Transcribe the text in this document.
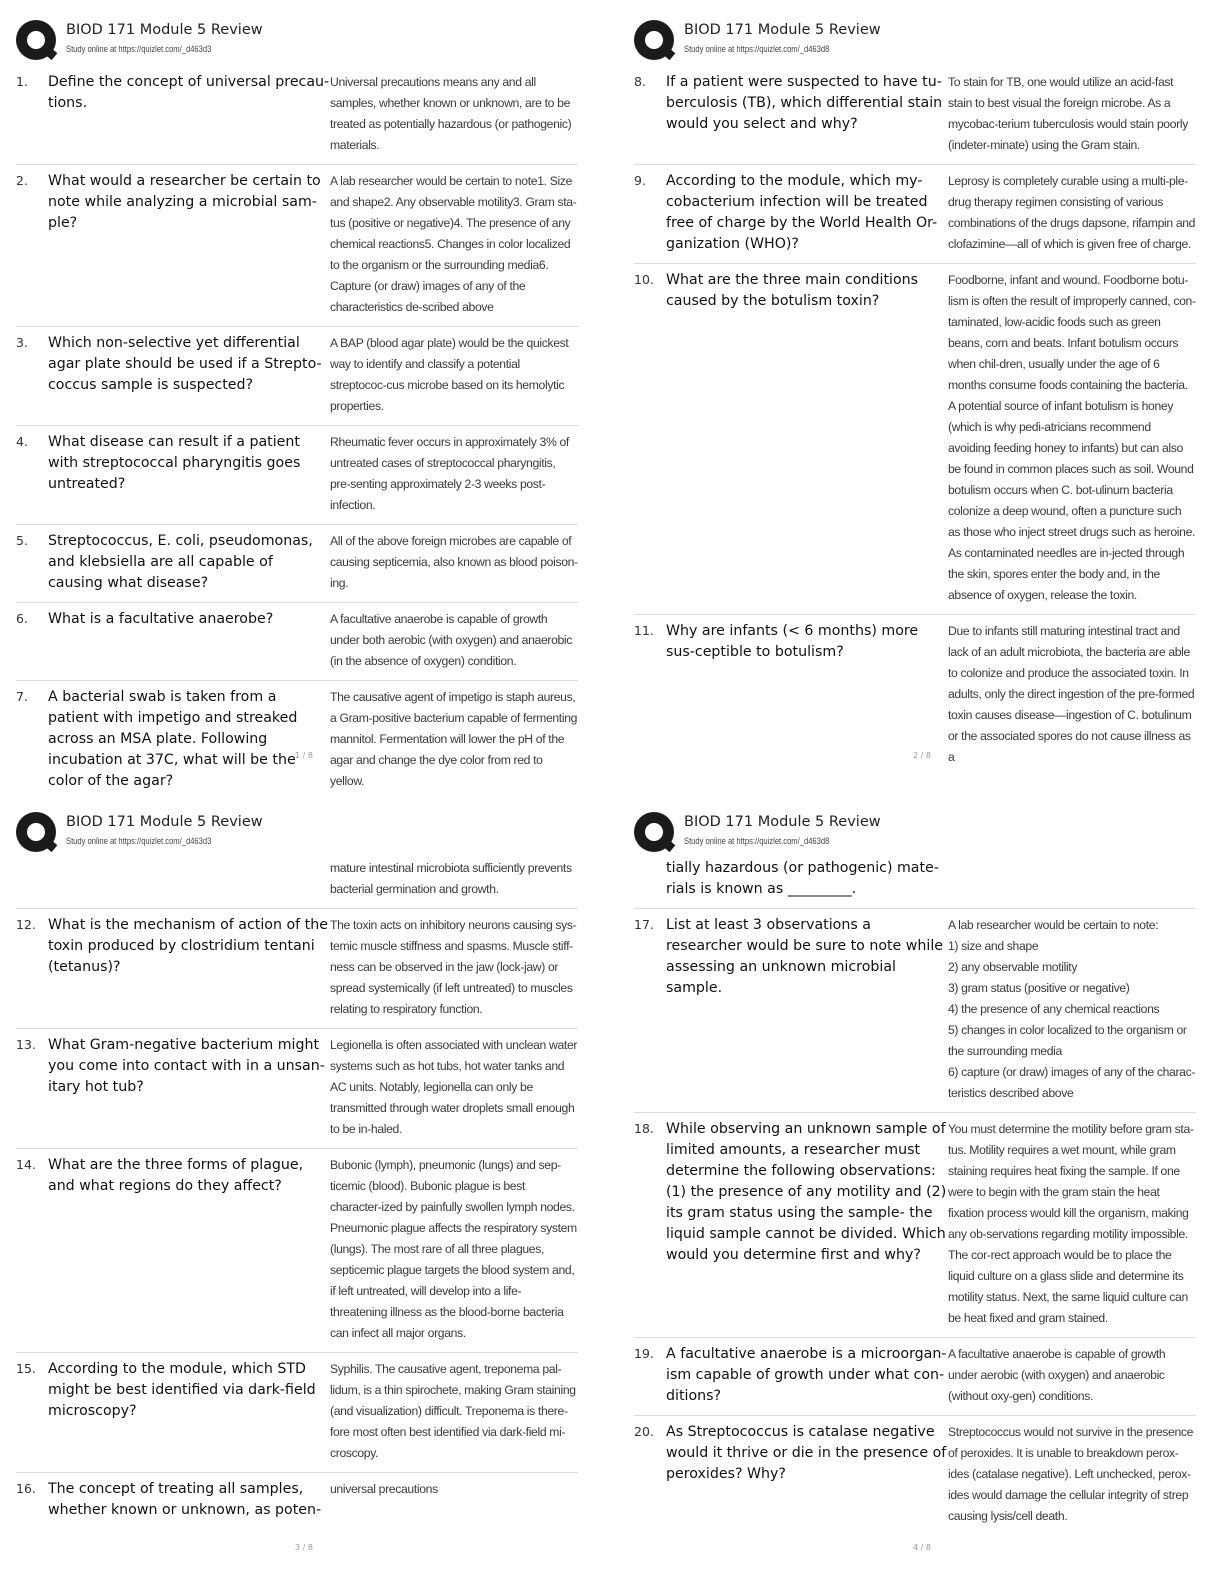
BIOD 171 Module 5 Review
Study online at https://quizlet.com/_d463d3
1.	Define the concept of universal precau-tions.
Universal precautions means any and all samples, whether known or unknown, are to be treated as potentially hazardous (or pathogenic) materials.
2.	What would a researcher be certain to note while analyzing a microbial sam-ple?
A lab researcher would be certain to note1. Size and shape2. Any observable motility3. Gram sta-tus (positive or negative)4. The presence of any chemical reactions5. Changes in color localized to the organism or the surrounding media6. Capture (or draw) images of any of the characteristics de-scribed above
3.	Which non-selective yet differential agar plate should be used if a Strepto-coccus sample is suspected?
A BAP (blood agar plate) would be the quickest way to identify and classify a potential streptococ-cus microbe based on its hemolytic properties.
4.	What disease can result if a patient with streptococcal pharyngitis goes untreated?
Rheumatic fever occurs in approximately 3% of untreated cases of streptococcal pharyngitis, pre-senting approximately 2-3 weeks post-infection.
5.	Streptococcus, E. coli, pseudomonas, and klebsiella are all capable of causing what disease?
All of the above foreign microbes are capable of causing septicemia, also known as blood poison-ing.
6.	What is a facultative anaerobe?	A facultative anaerobe is capable of growth under both aerobic (with oxygen) and anaerobic (in the absence of oxygen) condition.
7.	A bacterial swab is taken from a patient with impetigo and streaked across an MSA plate. Following incubation at 37C, what will be the color of the agar?
The causative agent of impetigo is staph aureus, a Gram-positive bacterium capable of fermenting mannitol. Fermentation will lower the pH of the agar and change the dye color from red to yellow.
1 / 8
BIOD 171 Module 5 Review
Study online at https://quizlet.com/_d463d8
8.	If a patient were suspected to have tu-berculosis (TB), which differential stain would you select and why?
To stain for TB, one would utilize an acid-fast stain to best visual the foreign microbe. As a mycobac-terium tuberculosis would stain poorly (indeter-minate) using the Gram stain.
9.	According to the module, which my-cobacterium infection will be treated free of charge by the World Health Or-ganization (WHO)?
Leprosy is completely curable using a multi-ple-drug therapy regimen consisting of various combinations of the drugs dapsone, rifampin and clofazimine—all of which is given free of charge.
10. What are the three main conditions caused by the botulism toxin?
Foodborne, infant and wound. Foodborne botu-lism is often the result of improperly canned, con-taminated, low-acidic foods such as green beans, corn and beats. Infant botulism occurs when chil-dren, usually under the age of 6 months consume foods containing the bacteria. A potential source of infant botulism is honey (which is why pedi-atricians recommend avoiding feeding honey to infants) but can also be found in common places such as soil. Wound botulism occurs when C. bot-ulinum bacteria colonize a deep wound, often a puncture such as those who inject street drugs such as heroine. As contaminated needles are in-jected through the skin, spores enter the body and, in the absence of oxygen, release the toxin.
11. Why are infants (< 6 months) more sus-ceptible to botulism?
Due to infants still maturing intestinal tract and lack of an adult microbiota, the bacteria are able to colonize and produce the associated toxin. In adults, only the direct ingestion of the pre-formed toxin causes disease—ingestion of C. botulinum or the associated spores do not cause illness as a
2 / 8
BIOD 171 Module 5 Review
Study online at https://quizlet.com/_d463d3
mature intestinal microbiota sufficiently prevents bacterial germination and growth.
12. What is the mechanism of action of the toxin produced by clostridium tentani (tetanus)?
The toxin acts on inhibitory neurons causing sys-temic muscle stiffness and spasms. Muscle stiff-ness can be observed in the jaw (lock-jaw) or spread systemically (if left untreated) to muscles relating to respiratory function.
13. What Gram-negative bacterium might you come into contact with in a unsan-itary hot tub?
Legionella is often associated with unclean water systems such as hot tubs, hot water tanks and AC units. Notably, legionella can only be transmitted through water droplets small enough to be in-haled.
14. What are the three forms of plague, and what regions do they affect?
Bubonic (lymph), pneumonic (lungs) and sep-ticemic (blood). Bubonic plague is best character-ized by painfully swollen lymph nodes. Pneumonic plague affects the respiratory system (lungs). The most rare of all three plagues, septicemic plague targets the blood system and, if left untreated, will develop into a life-threatening illness as the blood-borne bacteria can infect all major organs.
15. According to the module, which STD might be best identified via dark-field microscopy?
Syphilis. The causative agent, treponema pal-lidum, is a thin spirochete, making Gram staining (and visualization) difficult. Treponema is there-fore most often best identified via dark-field mi-croscopy.
16. The concept of treating all samples, whether known or unknown, as poten-
universal precautions
3 / 8
BIOD 171 Module 5 Review
Study online at https://quizlet.com/_d463d8
tially hazardous (or pathogenic) mate-rials is known as _________.
17. List at least 3 observations a researcher would be sure to note while assessing an unknown microbial sample.
A lab researcher would be certain to note:
1) size and shape
2) any observable motility
3) gram status (positive or negative)
4) the presence of any chemical reactions
5) changes in color localized to the organism or the surrounding media
6) capture (or draw) images of any of the charac-teristics described above
18. While observing an unknown sample of limited amounts, a researcher must determine the following observations: (1) the presence of any motility and (2) its gram status using the sample- the liquid sample cannot be divided. Which would you determine first and why?
You must determine the motility before gram sta-tus. Motility requires a wet mount, while gram staining requires heat fixing the sample. If one were to begin with the gram stain the heat fixation process would kill the organism, making any ob-servations regarding motility impossible. The cor-rect approach would be to place the liquid culture on a glass slide and determine its motility status. Next, the same liquid culture can be heat fixed and gram stained.
19. A facultative anaerobe is a microorgan-ism capable of growth under what con-ditions?
A facultative anaerobe is capable of growth under aerobic (with oxygen) and anaerobic (without oxy-gen) conditions.
20. As Streptococcus is catalase negative would it thrive or die in the presence of peroxides? Why?
Streptococcus would not survive in the presence of peroxides. It is unable to breakdown perox-ides (catalase negative). Left unchecked, perox-ides would damage the cellular integrity of strep causing lysis/cell death.
4 / 8
